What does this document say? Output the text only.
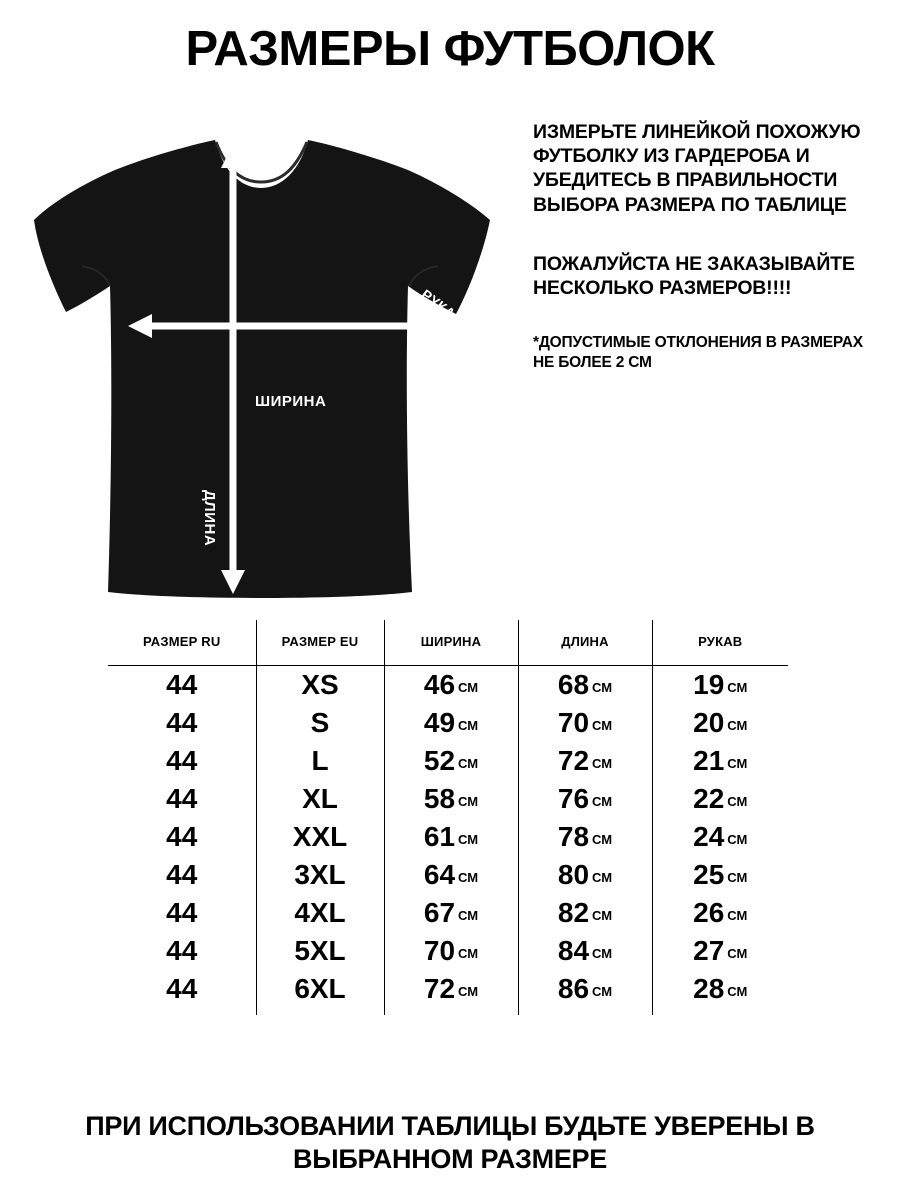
РАЗМЕРЫ ФУТБОЛОК
ШИРИНА
ДЛИНА
РУКАВ
ИЗМЕРЬТЕ ЛИНЕЙКОЙ ПОХОЖУЮ ФУТБОЛКУ ИЗ ГАРДЕРОБА И УБЕДИТЕСЬ В ПРАВИЛЬНОСТИ ВЫБОРА РАЗМЕРА ПО ТАБЛИЦЕ
ПОЖАЛУЙСТА НЕ ЗАКАЗЫВАЙТЕ НЕСКОЛЬКО РАЗМЕРОВ!!!!
*ДОПУСТИМЫЕ ОТКЛОНЕНИЯ В РАЗМЕРАХ НЕ БОЛЕЕ 2 СМ
РАЗМЕР RU	РАЗМЕР EU	ШИРИНА	ДЛИНА	РУКАВ
44	XS	46 СМ	68 СМ	19 СМ
44	S	49 СМ	70 СМ	20 СМ
44	L	52 СМ	72 СМ	21 СМ
44	XL	58 СМ	76 СМ	22 СМ
44	XXL	61 СМ	78 СМ	24 СМ
44	3XL	64 СМ	80 СМ	25 СМ
44	4XL	67 СМ	82 СМ	26 СМ
44	5XL	70 СМ	84 СМ	27 СМ
44	6XL	72 СМ	86 СМ	28 СМ
ПРИ ИСПОЛЬЗОВАНИИ ТАБЛИЦЫ БУДЬТЕ УВЕРЕНЫ В ВЫБРАННОМ РАЗМЕРЕ
